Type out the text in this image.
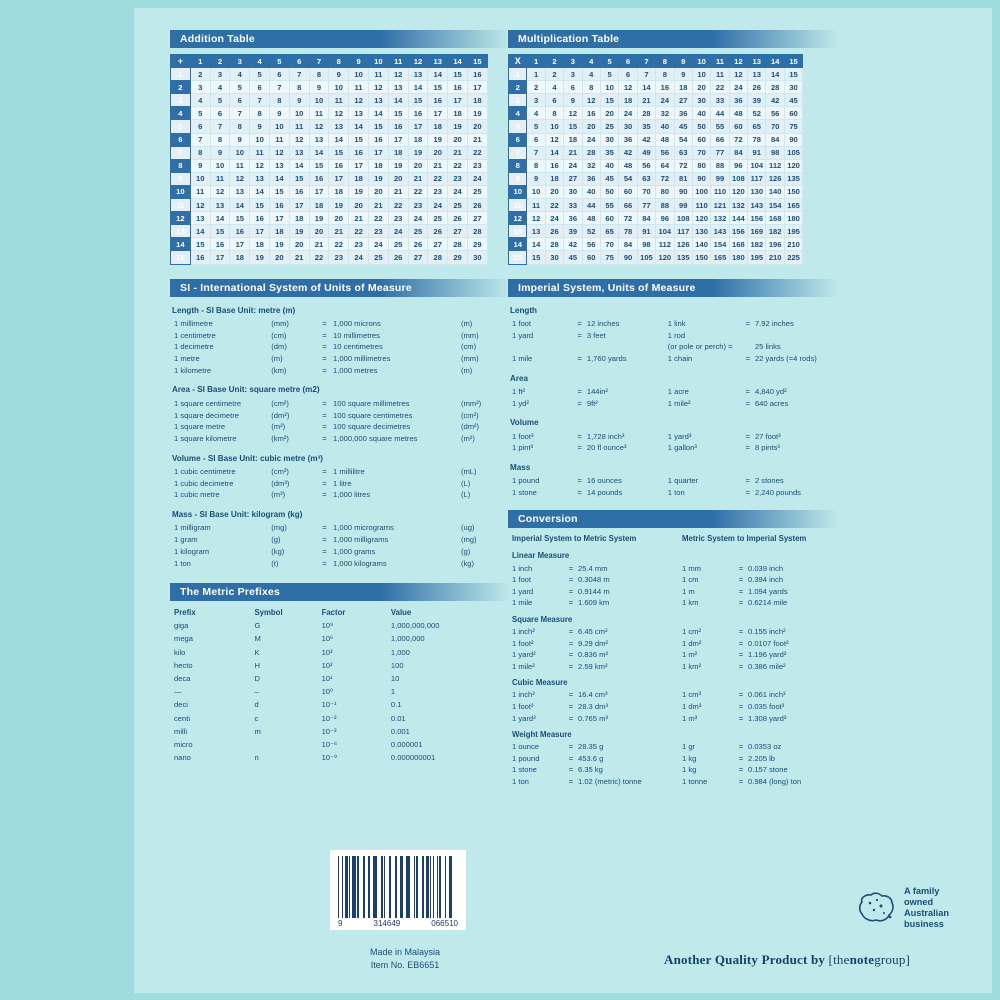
Addition Table
+	1	2	3	4	5	6	7	8	9	10	11	12	13	14	15
1	2	3	4	5	6	7	8	9	10	11	12	13	14	15	16
2	3	4	5	6	7	8	9	10	11	12	13	14	15	16	17
3	4	5	6	7	8	9	10	11	12	13	14	15	16	17	18
4	5	6	7	8	9	10	11	12	13	14	15	16	17	18	19
5	6	7	8	9	10	11	12	13	14	15	16	17	18	19	20
6	7	8	9	10	11	12	13	14	15	16	17	18	19	20	21
7	8	9	10	11	12	13	14	15	16	17	18	19	20	21	22
8	9	10	11	12	13	14	15	16	17	18	19	20	21	22	23
9	10	11	12	13	14	15	16	17	18	19	20	21	22	23	24
10	11	12	13	14	15	16	17	18	19	20	21	22	23	24	25
11	12	13	14	15	16	17	18	19	20	21	22	23	24	25	26
12	13	14	15	16	17	18	19	20	21	22	23	24	25	26	27
13	14	15	16	17	18	19	20	21	22	23	24	25	26	27	28
14	15	16	17	18	19	20	21	22	23	24	25	26	27	28	29
15	16	17	18	19	20	21	22	23	24	25	26	27	28	29	30
SI - International System of Units of Measure
Length - SI Base Unit: metre (m)
1 millimetre	(mm)	=	1,000 microns	(m)
1 centimetre	(cm)	=	10 millimetres	(mm)
1 decimetre	(dm)	=	10 centimetres	(cm)
1 metre	(m)	=	1,000 millimetres	(mm)
1 kilometre	(km)	=	1,000 metres	(m)
Area - SI Base Unit: square metre (m2)
1 square centimetre	(cm²)	=	100 square millimetres	(mm²)
1 square decimetre	(dm²)	=	100 square centimetres	(cm²)
1 square metre	(m²)	=	100 square decimetres	(dm²)
1 square kilometre	(km²)	=	1,000,000 square metres	(m²)
Volume - SI Base Unit: cubic metre (m³)
1 cubic centimetre	(cm³)	=	1 millilitre	(mL)
1 cubic decimetre	(dm³)	=	1 litre	(L)
1 cubic metre	(m³)	=	1,000 litres	(L)
Mass - SI Base Unit: kilogram (kg)
1 milligram	(mg)	=	1,000 micrograms	(ug)
1 gram	(g)	=	1,000 milligrams	(mg)
1 kilogram	(kg)	=	1,000 grams	(g)
1 ton	(t)	=	1,000 kilograms	(kg)
The Metric Prefixes
Prefix	Symbol	Factor	Value
giga	G	10⁹	1,000,000,000
mega	M	10⁶	1,000,000
kilo	K	10³	1,000
hecto	H	10²	100
deca	D	10¹	10
—	–	10⁰	1
deci	d	10⁻¹	0.1
centi	c	10⁻²	0.01
milli	m	10⁻³	0.001
micro		10⁻⁶	0.000001
nano	n	10⁻⁹	0.000000001
Multiplication Table
X	1	2	3	4	5	6	7	8	9	10	11	12	13	14	15
1	1	2	3	4	5	6	7	8	9	10	11	12	13	14	15
2	2	4	6	8	10	12	14	16	18	20	22	24	26	28	30
3	3	6	9	12	15	18	21	24	27	30	33	36	39	42	45
4	4	8	12	16	20	24	28	32	36	40	44	48	52	56	60
5	5	10	15	20	25	30	35	40	45	50	55	60	65	70	75
6	6	12	18	24	30	36	42	48	54	60	66	72	78	84	90
7	7	14	21	28	35	42	49	56	63	70	77	84	91	98	105
8	8	16	24	32	40	48	56	64	72	80	88	96	104	112	120
9	9	18	27	36	45	54	63	72	81	90	99	108	117	126	135
10	10	20	30	40	50	60	70	80	90	100	110	120	130	140	150
11	11	22	33	44	55	66	77	88	99	110	121	132	143	154	165
12	12	24	36	48	60	72	84	96	108	120	132	144	156	168	180
13	13	26	39	52	65	78	91	104	117	130	143	156	169	182	195
14	14	28	42	56	70	84	98	112	126	140	154	168	182	196	210
15	15	30	45	60	75	90	105	120	135	150	165	180	195	210	225
Imperial System, Units of Measure
Length
1 foot	=	12 inches	1 link	=	7.92 inches
1 yard	=	3 feet	1 rod		
			(or pole or perch) =		25 links
1 mile	=	1,760 yards	1 chain	=	22 yards (=4 rods)
Area
1 ft²	=	144in²	1 acre	=	4,840 yd²
1 yd²	=	9ft²	1 mile²	=	640 acres
Volume
1 foot³	=	1,728 inch³	1 yard³	=	27 foot³
1 pint³	=	20 fl ounce³	1 gallon³	=	8 pints³
Mass
1 pound	=	16 ounces	1 quarter	=	2 stones
1 stone	=	14 pounds	1 ton	=	2,240 pounds
Conversion
Imperial System to Metric System			Metric System to Imperial System		
Linear Measure					
1 inch	=	25.4 mm	1 mm	=	0.039 inch
1 foot	=	0.3048 m	1 cm	=	0.394 inch
1 yard	=	0.9144 m	1 m	=	1.094 yards
1 mile	=	1.609 km	1 km	=	0.6214 mile
Square Measure					
1 inch²	=	6.45 cm²	1 cm²	=	0.155 inch²
1 foot²	=	9.29 dm²	1 dm²	=	0.0107 foot²
1 yard²	=	0.836 m²	1 m²	=	1.196 yard²
1 mile²	=	2.59 km²	1 km²	=	0.386 mile²
Cubic Measure					
1 inch³	=	16.4 cm³	1 cm³	=	0.061 inch³
1 foot³	=	28.3 dm³	1 dm³	=	0.035 foot³
1 yard³	=	0.765 m³	1 m³	=	1.308 yard³
Weight Measure					
1 ounce	=	28.35 g	1 gr	=	0.0353 oz
1 pound	=	453.6 g	1 kg	=	2.205 lb
1 stone	=	6.35 kg	1 kg	=	0.157 stone
1 ton	=	1.02 (metric) tonne	1 tonne	=	0.984 (long) ton
9	314649	066510
Made in Malaysia
Item No. EB6651
A family
owned
Australian
business
Another Quality Product by [thenotegroup]
